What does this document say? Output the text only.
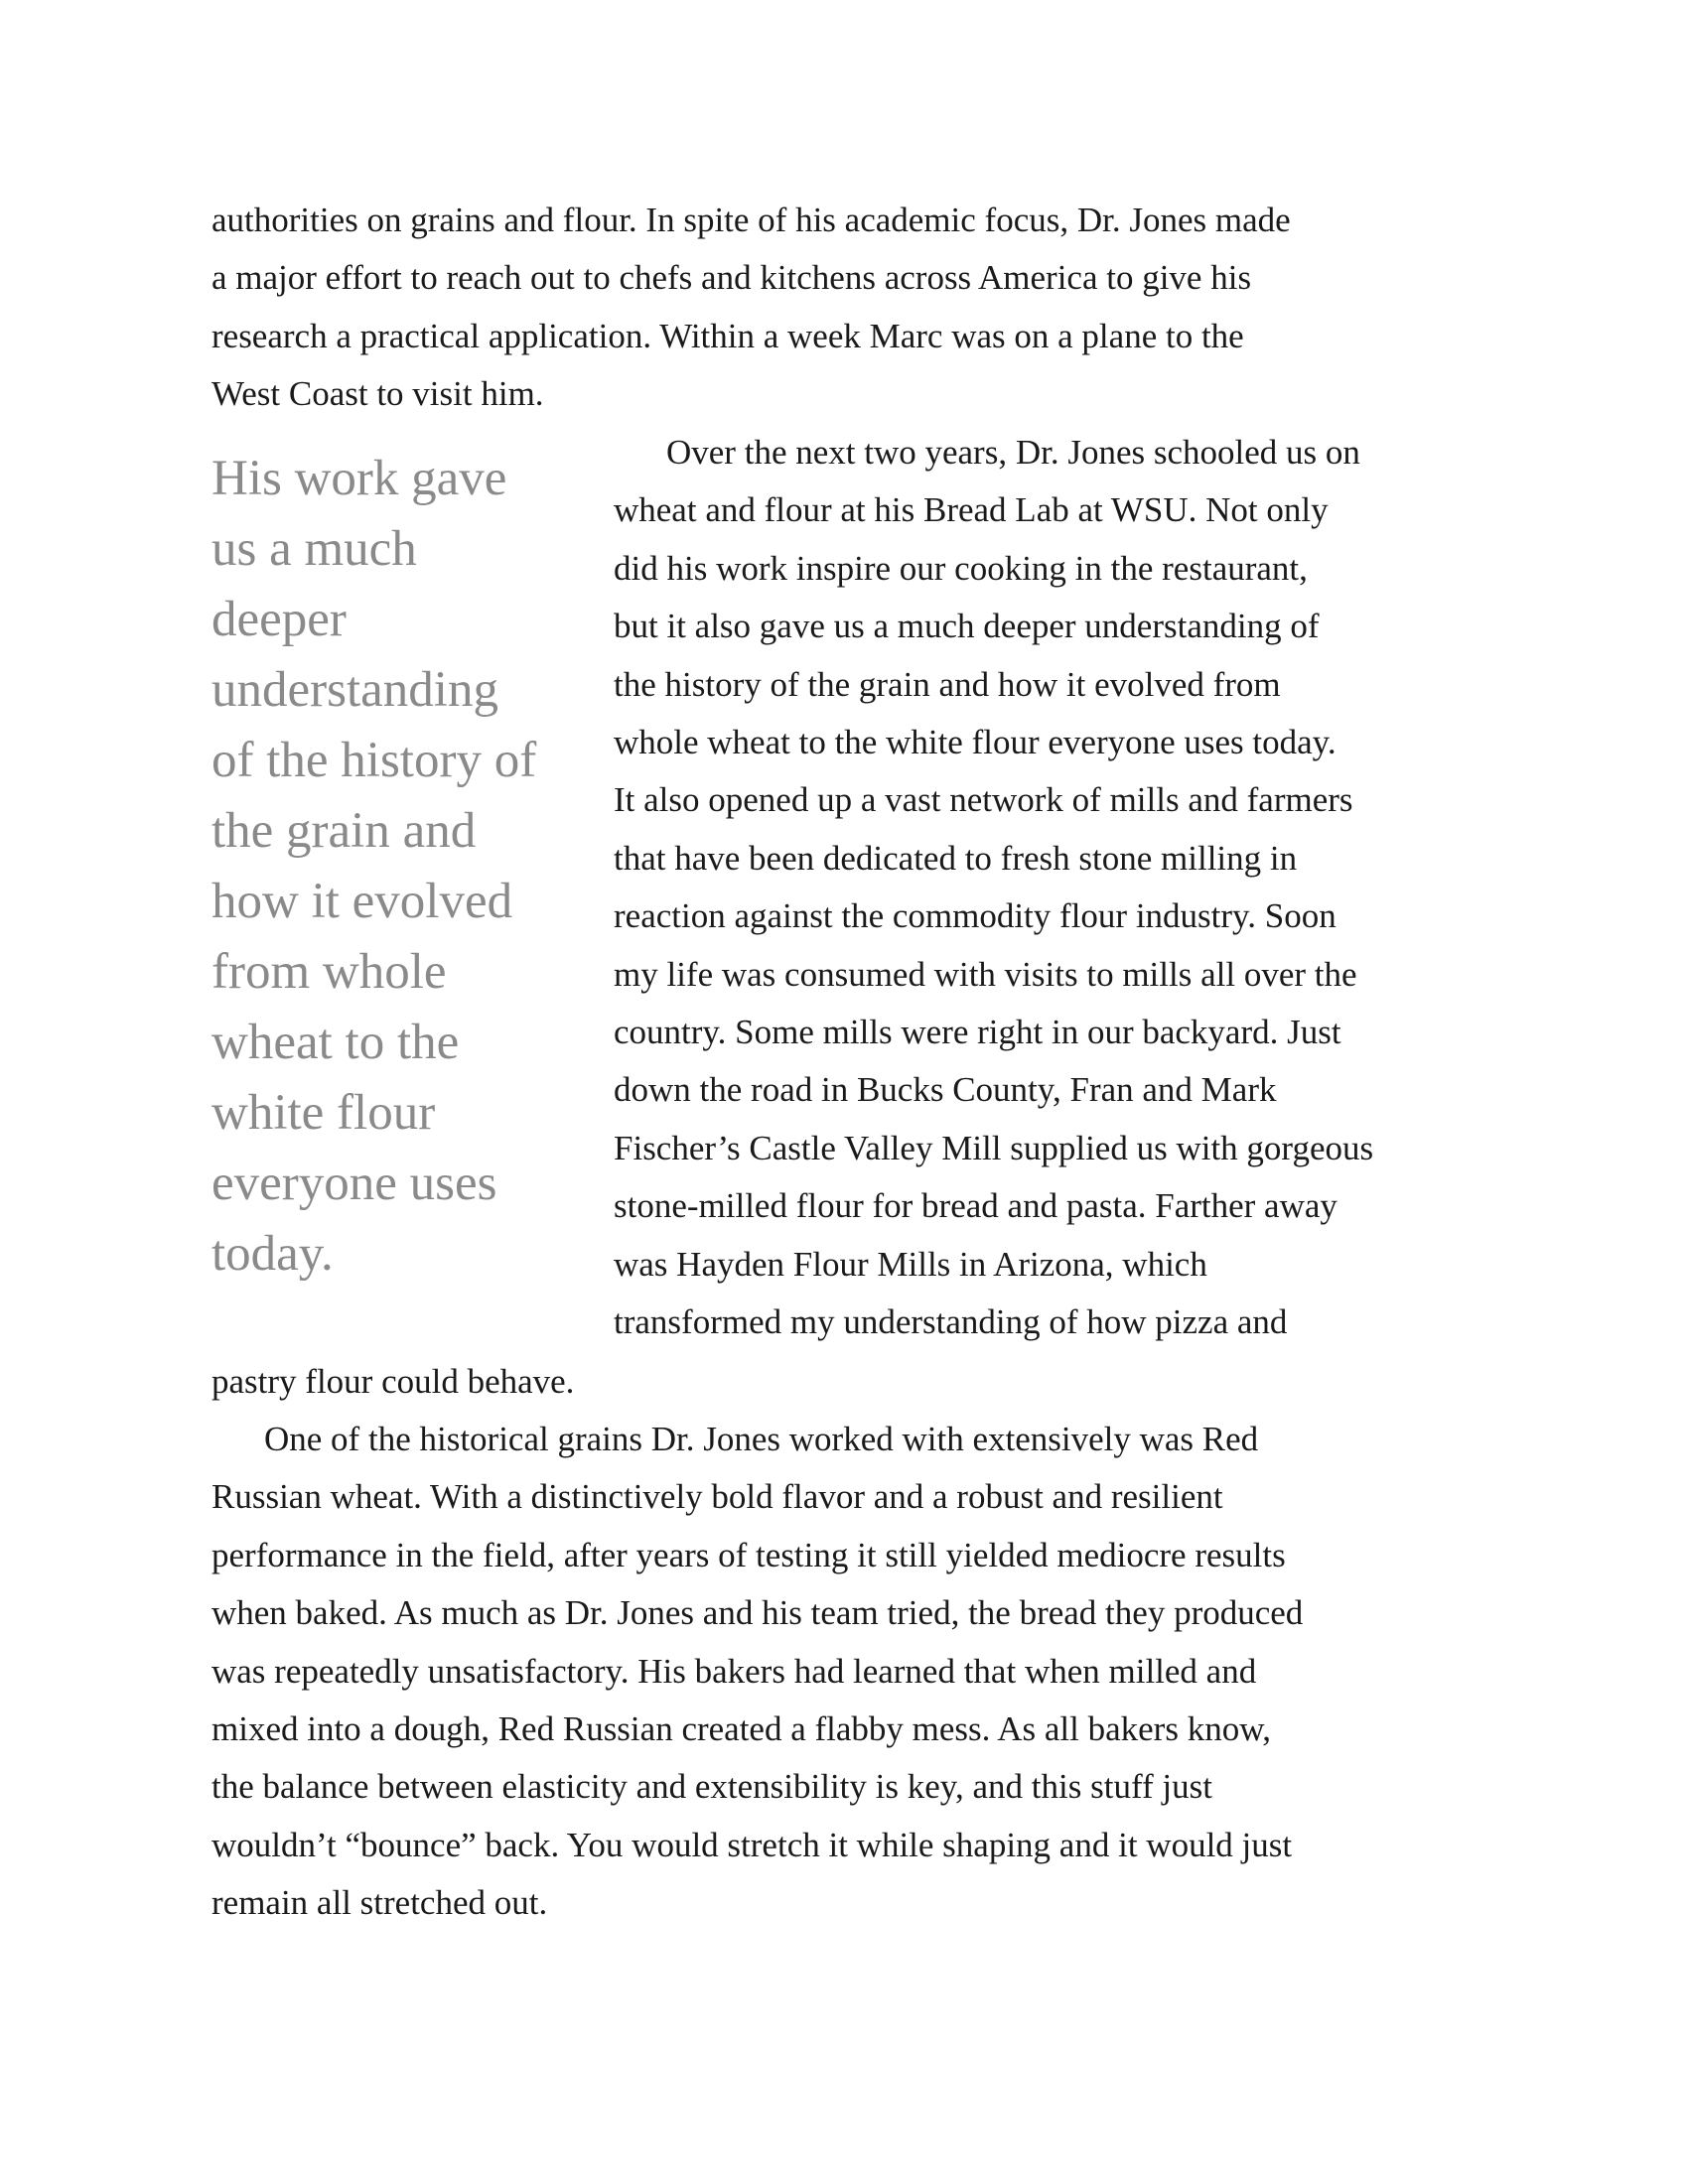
authorities on grains and flour. In spite of his academic focus, Dr. Jones made
a major effort to reach out to chefs and kitchens across America to give his
research a practical application. Within a week Marc was on a plane to the
West Coast to visit him.
His work gave
us a much
deeper
understanding
of the history of
the grain and
how it evolved
from whole
wheat to the
white flour
everyone uses
today.
Over the next two years, Dr. Jones schooled us on
wheat and flour at his Bread Lab at WSU. Not only
did his work inspire our cooking in the restaurant,
but it also gave us a much deeper understanding of
the history of the grain and how it evolved from
whole wheat to the white flour everyone uses today.
It also opened up a vast network of mills and farmers
that have been dedicated to fresh stone milling in
reaction against the commodity flour industry. Soon
my life was consumed with visits to mills all over the
country. Some mills were right in our backyard. Just
down the road in Bucks County, Fran and Mark
Fischer’s Castle Valley Mill supplied us with gorgeous
stone-milled flour for bread and pasta. Farther away
was Hayden Flour Mills in Arizona, which
transformed my understanding of how pizza and
pastry flour could behave.
One of the historical grains Dr. Jones worked with extensively was Red
Russian wheat. With a distinctively bold flavor and a robust and resilient
performance in the field, after years of testing it still yielded mediocre results
when baked. As much as Dr. Jones and his team tried, the bread they produced
was repeatedly unsatisfactory. His bakers had learned that when milled and
mixed into a dough, Red Russian created a flabby mess. As all bakers know,
the balance between elasticity and extensibility is key, and this stuff just
wouldn’t “bounce” back. You would stretch it while shaping and it would just
remain all stretched out.
